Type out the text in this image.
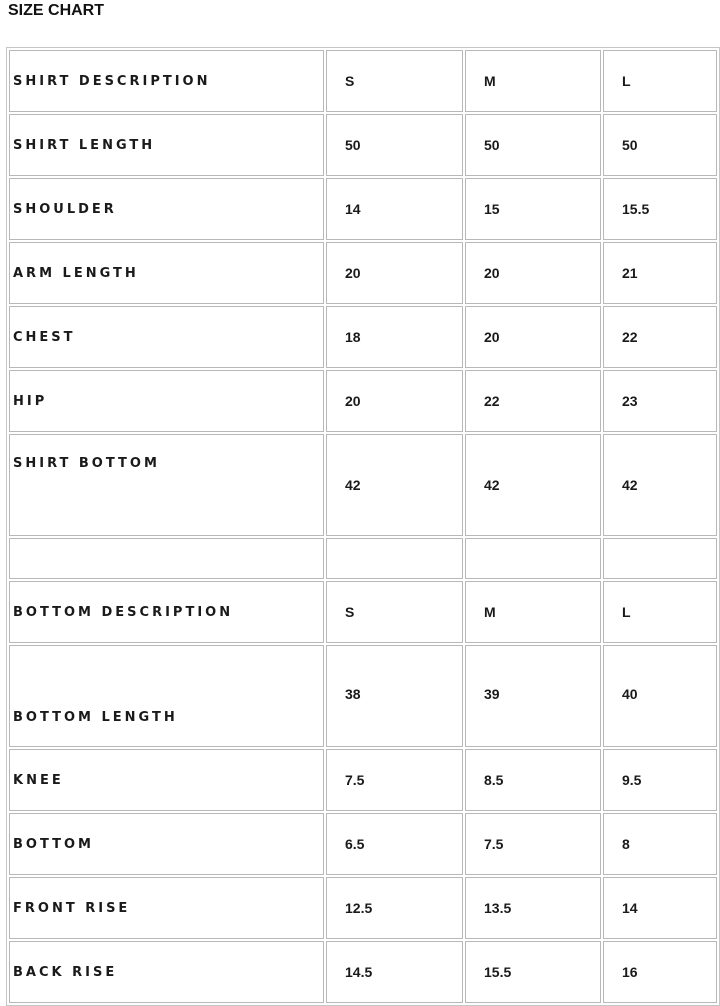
SIZE CHART
SHIRT DESCRIPTION	S	M	L
SHIRT LENGTH	50	50	50
SHOULDER	14	15	15.5
ARM LENGTH	20	20	21
CHEST	18	20	22
HIP	20	22	23
SHIRT BOTTOM	42	42	42

BOTTOM DESCRIPTION	S	M	L
BOTTOM LENGTH	38	39	40
KNEE	7.5	8.5	9.5
BOTTOM	6.5	7.5	8
FRONT RISE	12.5	13.5	14
BACK RISE	14.5	15.5	16
